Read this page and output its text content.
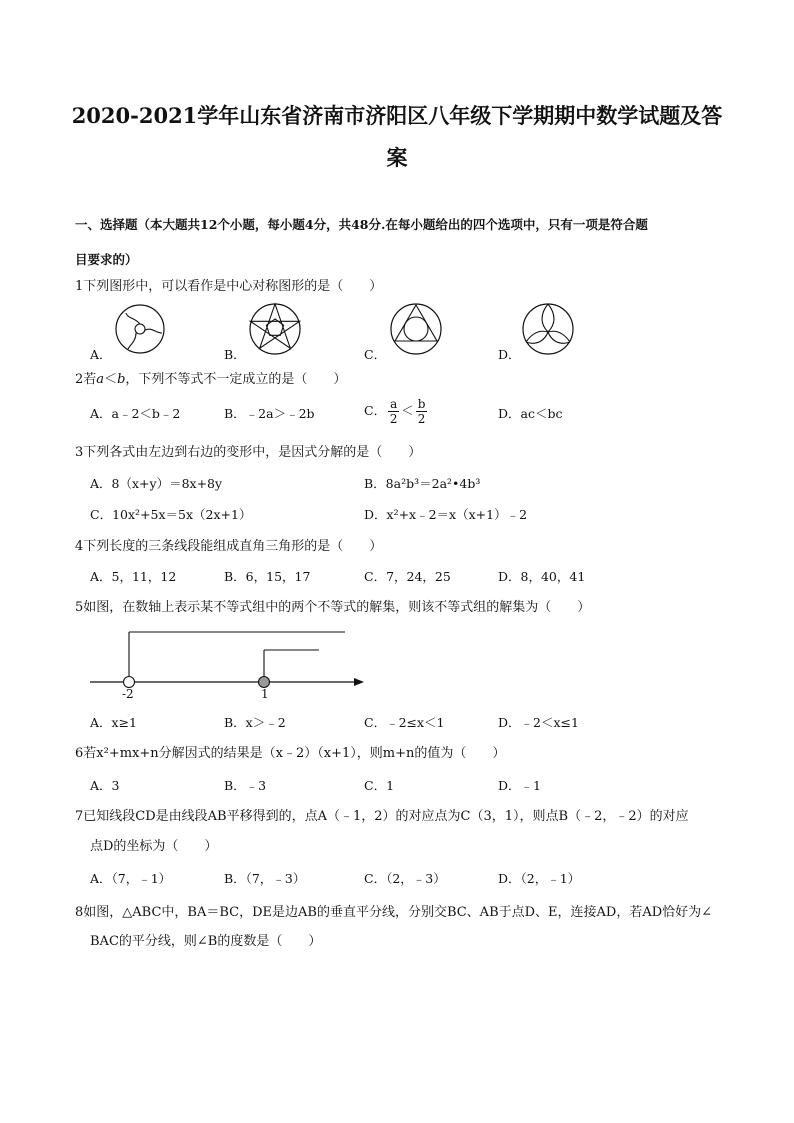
2020-2021学年山东省济南市济阳区八年级下学期期中数学试题及答
案
一、选择题（本大题共12个小题，每小题4分，共48分.在每小题给出的四个选项中，只有一项是符合题
目要求的）
1下列图形中，可以看作是中心对称图形的是（　　）
A．	B．	C．	D．
2若a＜b，下列不等式不一定成立的是（　　）
A．a﹣2＜b﹣2	B．﹣2a＞﹣2b	C． $\frac{a}{2} < \frac{b}{2}$	D．ac＜bc
3下列各式由左边到右边的变形中，是因式分解的是（　　）
A．8（x+y）＝8x+8y	B．8a²b³＝2a²•4b³
C．10x²+5x＝5x（2x+1）	D．x²+x﹣2＝x（x+1）﹣2
4下列长度的三条线段能组成直角三角形的是（　　）
A．5，11，12	B．6，15，17	C．7，24，25	D．8，40，41
5如图，在数轴上表示某不等式组中的两个不等式的解集，则该不等式组的解集为（　　）
-2	1
A．x≥1	B．x＞﹣2	C．﹣2≤x＜1	D．﹣2＜x≤1
6若x²+mx+n分解因式的结果是（x﹣2）（x+1），则m+n的值为（　　）
A．3	B．﹣3	C．1	D．﹣1
7已知线段CD是由线段AB平移得到的，点A（﹣1，2）的对应点为C（3，1），则点B（﹣2，﹣2）的对应
点D的坐标为（　　）
A．（7，﹣1）	B．（7，﹣3）	C．（2，﹣3）	D．（2，﹣1）
8如图，△ABC中，BA＝BC，DE是边AB的垂直平分线，分别交BC、AB于点D、E，连接AD，若AD恰好为∠
BAC的平分线，则∠B的度数是（　　）
